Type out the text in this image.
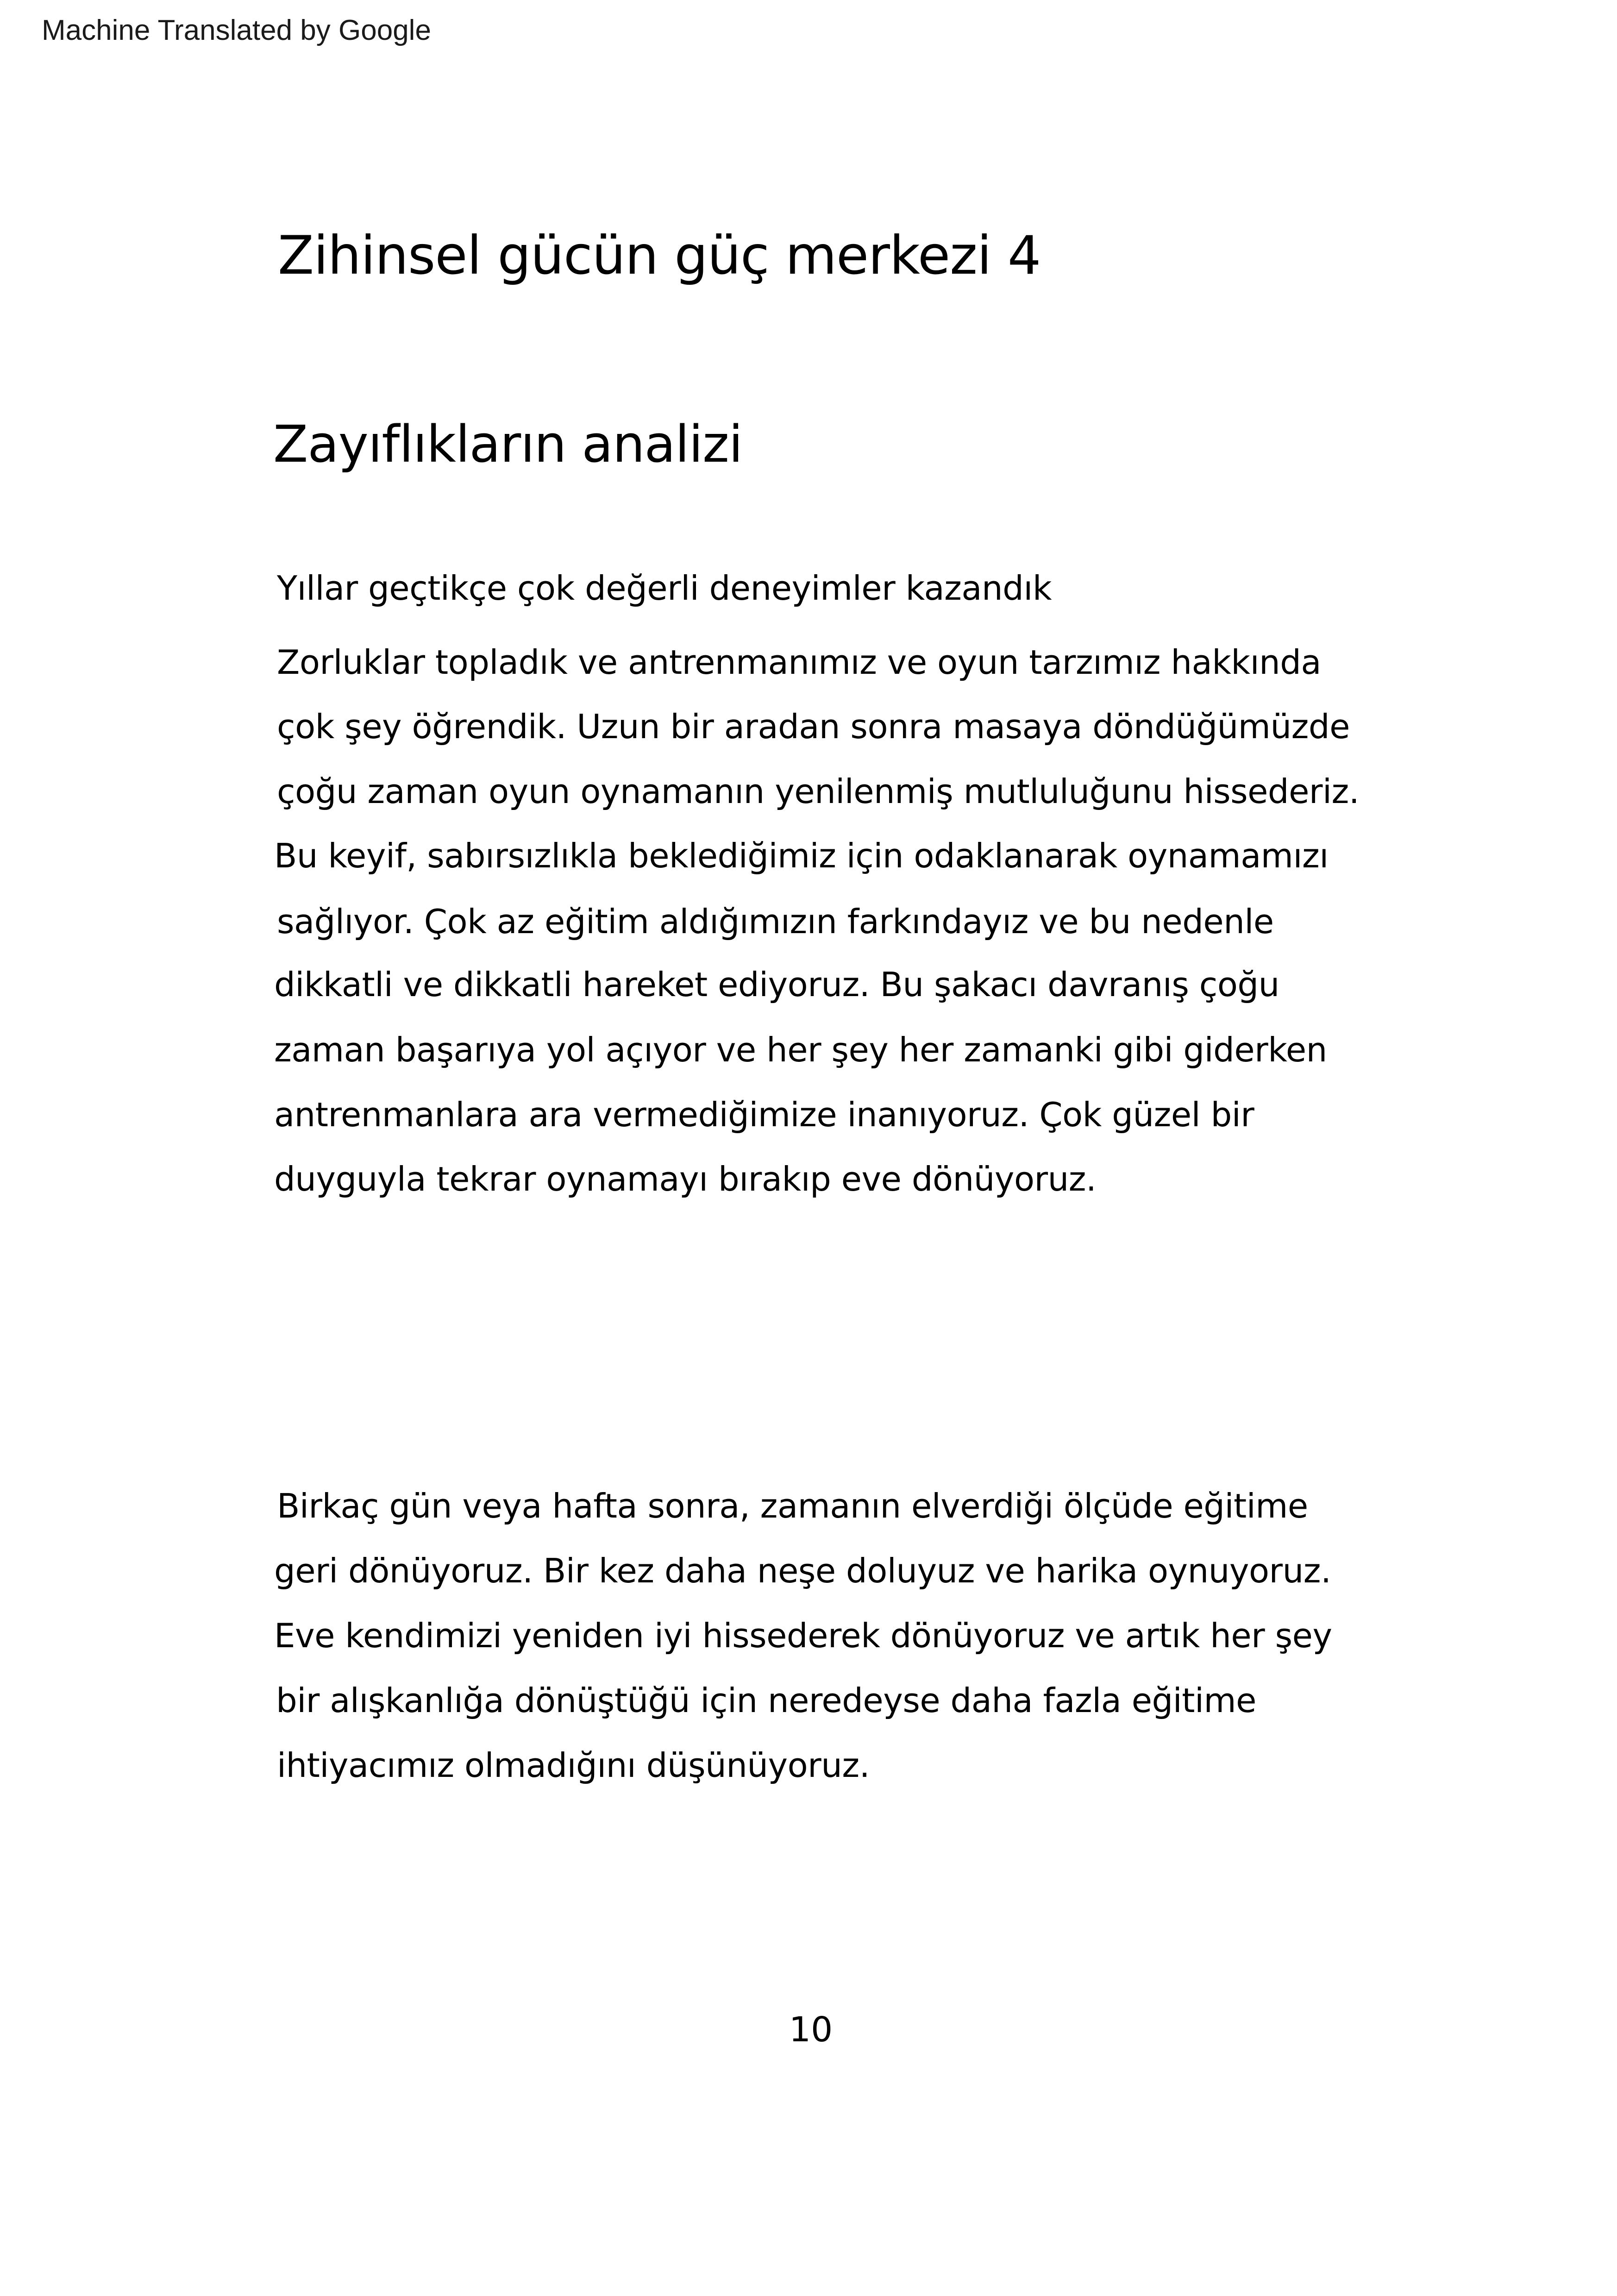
Machine Translated by Google
Zihinsel gücün güç merkezi 4
Zayıflıkların analizi

Yıllar geçtikçe çok değerli deneyimler kazandık

Zorluklar topladık ve antrenmanımız ve oyun tarzımız hakkında

çok şey öğrendik. Uzun bir aradan sonra masaya döndüğümüzde

çoğu zaman oyun oynamanın yenilenmiş mutluluğunu hissederiz.

Bu keyif, sabırsızlıkla beklediğimiz için odaklanarak oynamamızı

sağlıyor. Çok az eğitim aldığımızın farkındayız ve bu nedenle

dikkatli ve dikkatli hareket ediyoruz. Bu şakacı davranış çoğu

zaman başarıya yol açıyor ve her şey her zamanki gibi giderken

antrenmanlara ara vermediğimize inanıyoruz. Çok güzel bir

duyguyla tekrar oynamayı bırakıp eve dönüyoruz.

Birkaç gün veya hafta sonra, zamanın elverdiği ölçüde eğitime

geri dönüyoruz. Bir kez daha neşe doluyuz ve harika oynuyoruz.

Eve kendimizi yeniden iyi hissederek dönüyoruz ve artık her şey

bir alışkanlığa dönüştüğü için neredeyse daha fazla eğitime

ihtiyacımız olmadığını düşünüyoruz.

10
